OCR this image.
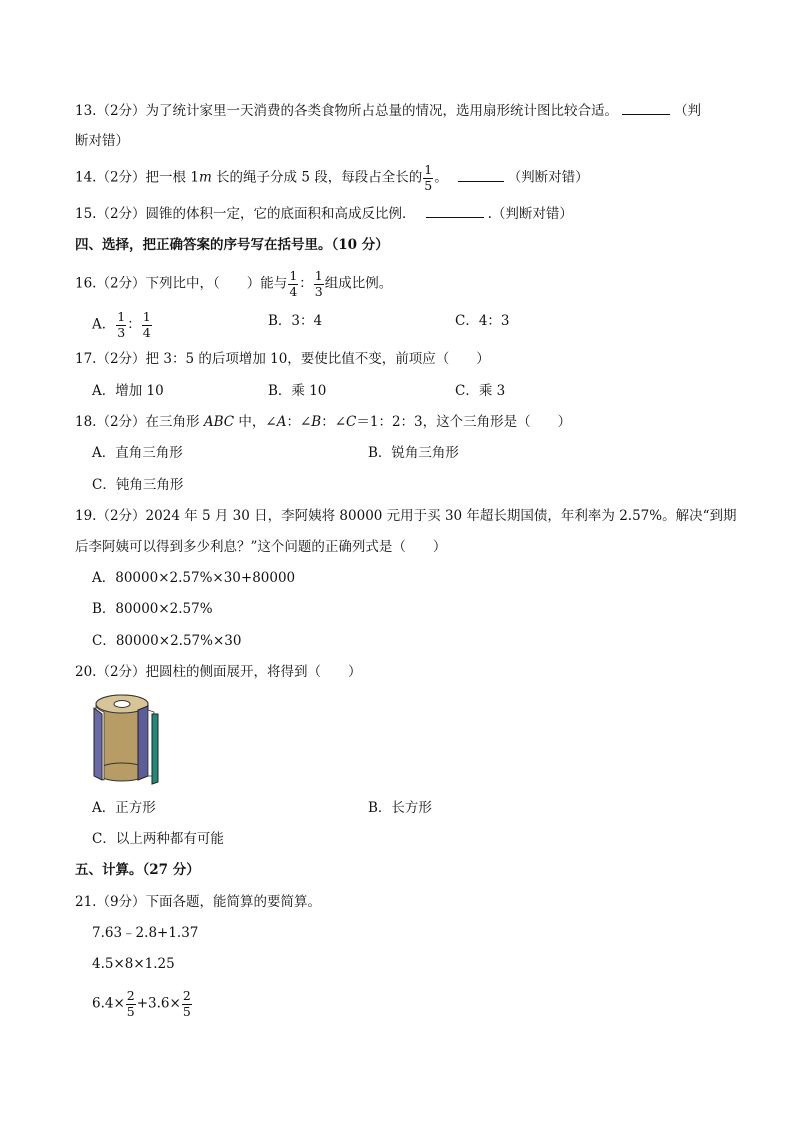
13.（2分）为了统计家里一天消费的各类食物所占总量的情况，选用扇形统计图比较合适。	（判
断对错）
14.（2分）把一根 1m 长的绳子分成 5 段，每段占全长的 $\frac{1}{5}$ 。	（判断对错）
15.（2分）圆锥的体积一定，它的底面积和高成反比例．	.（判断对错）
四、选择，把正确答案的序号写在括号里。（10 分）
16.（2分）下列比中，（　　）能与 $\frac{1}{4}$ ： $\frac{1}{3}$ 组成比例。
A． $\frac{1}{3}$ ： $\frac{1}{4}$	B．3：4	C．4：3
17.（2分）把 3：5 的后项增加 10，要使比值不变，前项应（　　）
A．增加 10	B．乘 10	C．乘 3
18.（2分）在三角形 ABC 中，∠A：∠B：∠C＝1：2：3，这个三角形是（　　）
A．直角三角形	B．锐角三角形
C．钝角三角形
19.（2分）2024 年 5 月 30 日，李阿姨将 80000 元用于买 30 年超长期国债，年利率为 2.57%。解决“到期
后李阿姨可以得到多少利息？”这个问题的正确列式是（　　）
A．80000×2.57%×30+80000
B．80000×2.57%
C．80000×2.57%×30
20.（2分）把圆柱的侧面展开，将得到（　　）
A．正方形	B．长方形
C．以上两种都有可能
五、计算。（27 分）
21.（9分）下面各题，能简算的要简算。
7.63﹣2.8+1.37
4.5×8×1.25
$6.4\times \frac{2}{5} +3.6\times \frac{2}{5}$
